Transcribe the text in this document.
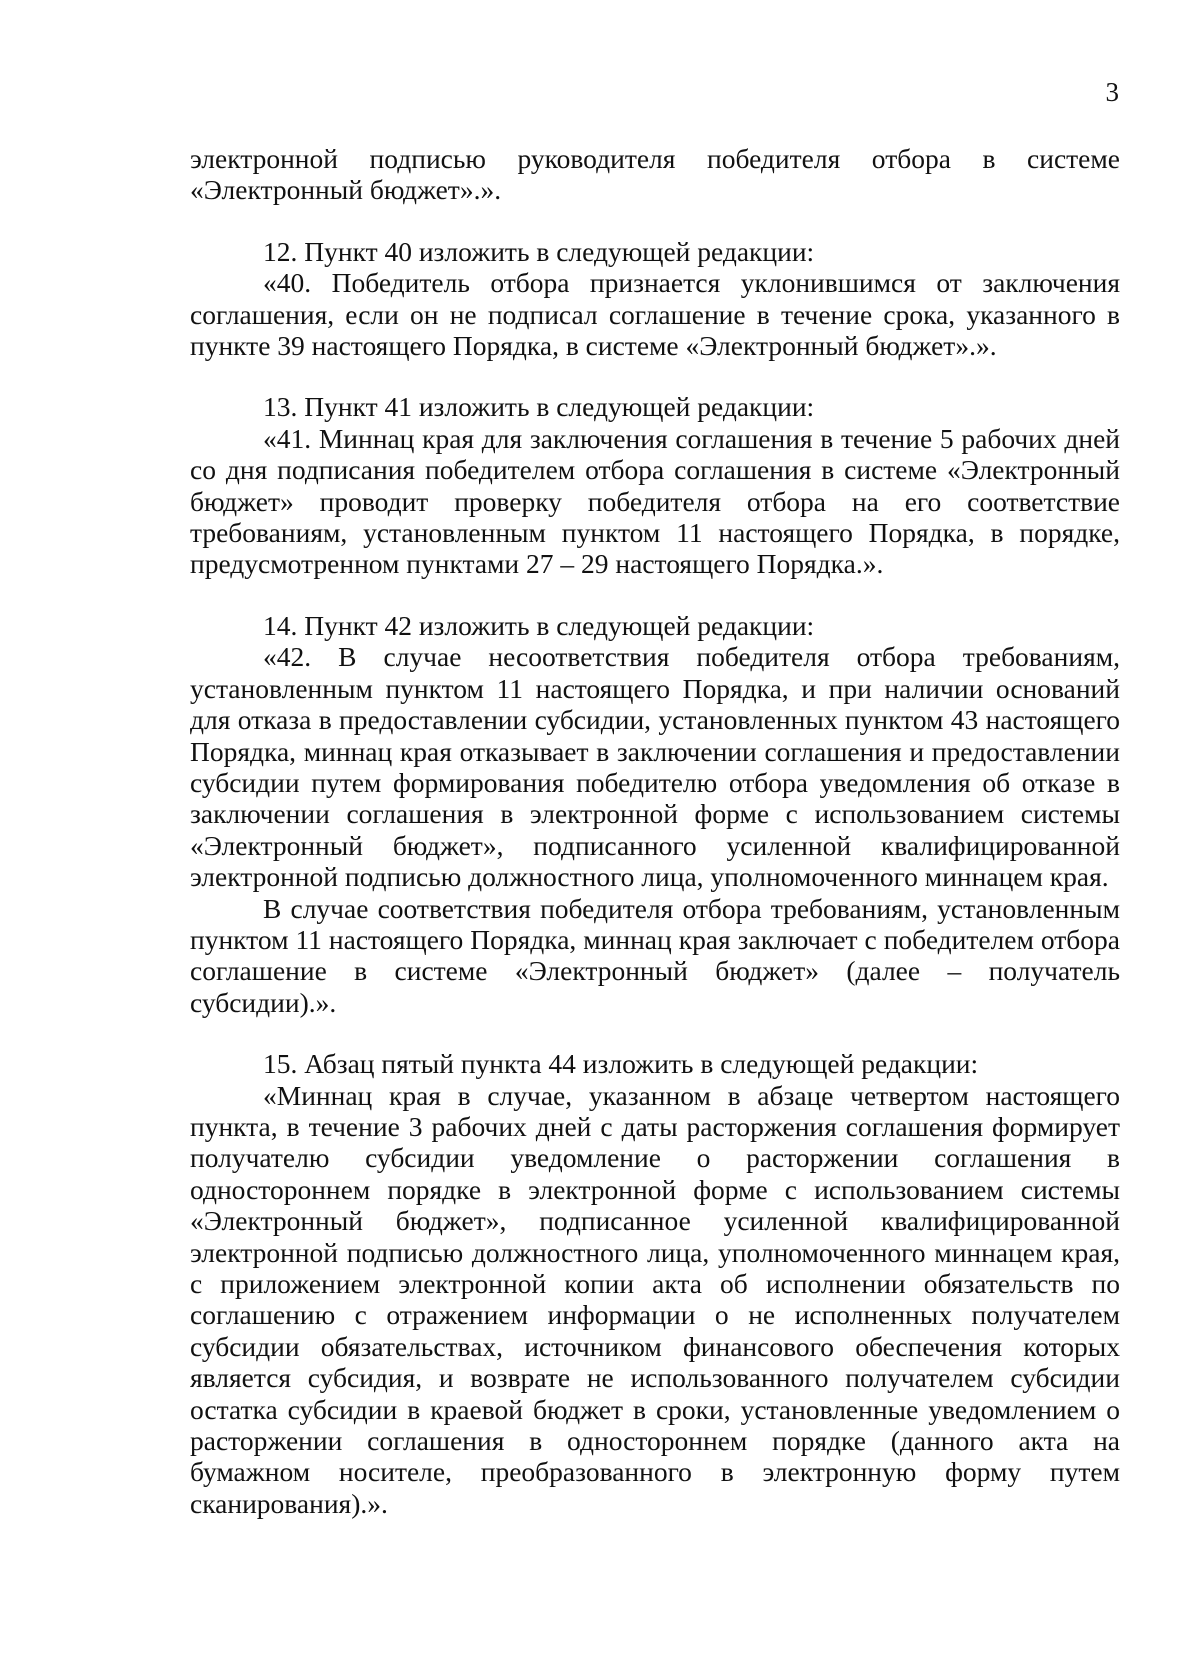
3

электронной подписью руководителя победителя отбора в системе «Электронный бюджет».».

12. Пункт 40 изложить в следующей редакции:

«40. Победитель отбора признается уклонившимся от заключения соглашения, если он не подписал соглашение в течение срока, указанного в пункте 39 настоящего Порядка, в системе «Электронный бюджет».».

13. Пункт 41 изложить в следующей редакции:

«41. Миннац края для заключения соглашения в течение 5 рабочих дней со дня подписания победителем отбора соглашения в системе «Электронный бюджет» проводит проверку победителя отбора на его соответствие требованиям, установленным пунктом 11 настоящего Порядка, в порядке, предусмотренном пунктами 27 – 29 настоящего Порядка.».

14. Пункт 42 изложить в следующей редакции:

«42. В случае несоответствия победителя отбора требованиям, установленным пунктом 11 настоящего Порядка, и при наличии оснований для отказа в предоставлении субсидии, установленных пунктом 43 настоящего Порядка, миннац края отказывает в заключении соглашения и предоставлении субсидии путем формирования победителю отбора уведомления об отказе в заключении соглашения в электронной форме с использованием системы «Электронный бюджет», подписанного усиленной квалифицированной электронной подписью должностного лица, уполномоченного миннацем края.

В случае соответствия победителя отбора требованиям, установленным пунктом 11 настоящего Порядка, миннац края заключает с победителем отбора соглашение в системе «Электронный бюджет» (далее – получатель субсидии).».

15. Абзац пятый пункта 44 изложить в следующей редакции:

«Миннац края в случае, указанном в абзаце четвертом настоящего пункта, в течение 3 рабочих дней с даты расторжения соглашения формирует получателю субсидии уведомление о расторжении соглашения в одностороннем порядке в электронной форме с использованием системы «Электронный бюджет», подписанное усиленной квалифицированной электронной подписью должностного лица, уполномоченного миннацем края, с приложением электронной копии акта об исполнении обязательств по соглашению с отражением информации о не исполненных получателем субсидии обязательствах, источником финансового обеспечения которых является субсидия, и возврате не использованного получателем субсидии остатка субсидии в краевой бюджет в сроки, установленные уведомлением о расторжении соглашения в одностороннем порядке (данного акта на бумажном носителе, преобразованного в электронную форму путем сканирования).».
